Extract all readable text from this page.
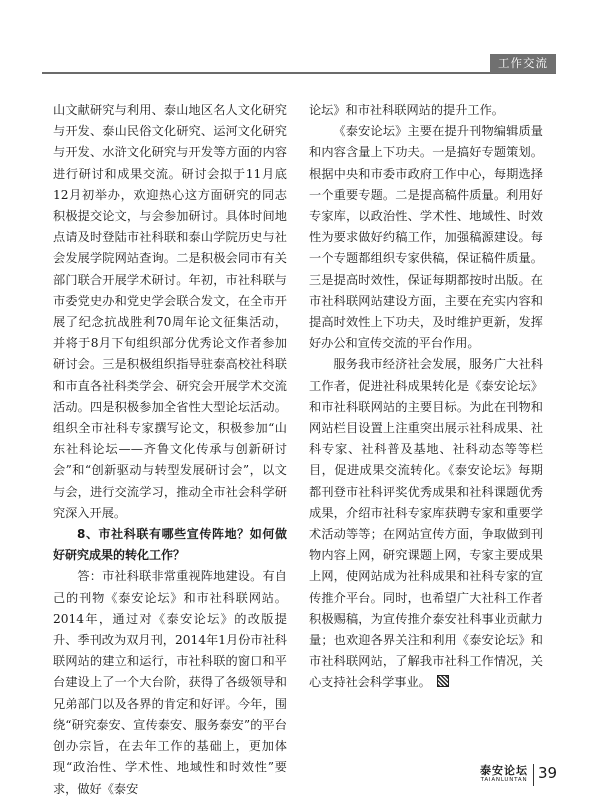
工作交流

山文献研究与利用、泰山地区名人文化研究与开发、泰山民俗文化研究、运河文化研究与开发、水浒文化研究与开发等方面的内容进行研讨和成果交流。研讨会拟于11月底12月初举办，欢迎热心这方面研究的同志积极提交论文，与会参加研讨。具体时间地点请及时登陆市社科联和泰山学院历史与社会发展学院网站查询。二是积极会同市有关部门联合开展学术研讨。年初，市社科联与市委党史办和党史学会联合发文，在全市开展了纪念抗战胜利70周年论文征集活动，并将于8月下旬组织部分优秀论文作者参加研讨会。三是积极组织指导驻泰高校社科联和市直各社科类学会、研究会开展学术交流活动。四是积极参加全省性大型论坛活动。组织全市社科专家撰写论文，积极参加“山东社科论坛——齐鲁文化传承与创新研讨会”和“创新驱动与转型发展研讨会”，以文与会，进行交流学习，推动全市社会科学研究深入开展。

8、市社科联有哪些宣传阵地？如何做好研究成果的转化工作？

答：市社科联非常重视阵地建设。有自己的刊物《泰安论坛》和市社科联网站。2014年，通过对《泰安论坛》的改版提升、季刊改为双月刊，2014年1月份市社科联网站的建立和运行，市社科联的窗口和平台建设上了一个大台阶，获得了各级领导和兄弟部门以及各界的肯定和好评。今年，围绕“研究泰安、宣传泰安、服务泰安”的平台创办宗旨，在去年工作的基础上，更加体现“政治性、学术性、地域性和时效性”要求，做好《泰安

论坛》和市社科联网站的提升工作。

《泰安论坛》主要在提升刊物编辑质量和内容含量上下功夫。一是搞好专题策划。根据中央和市委市政府工作中心，每期选择一个重要专题。二是提高稿件质量。利用好专家库，以政治性、学术性、地域性、时效性为要求做好约稿工作，加强稿源建设。每一个专题都组织专家供稿，保证稿件质量。三是提高时效性，保证每期都按时出版。在市社科联网站建设方面，主要在充实内容和提高时效性上下功夫，及时维护更新，发挥好办公和宣传交流的平台作用。

服务我市经济社会发展，服务广大社科工作者，促进社科成果转化是《泰安论坛》和市社科联网站的主要目标。为此在刊物和网站栏目设置上注重突出展示社科成果、社科专家、社科普及基地、社科动态等等栏目，促进成果交流转化。《泰安论坛》每期都刊登市社科评奖优秀成果和社科课题优秀成果，介绍市社科专家库获聘专家和重要学术活动等等；在网站宣传方面，争取做到刊物内容上网，研究课题上网，专家主要成果上网，使网站成为社科成果和社科专家的宣传推介平台。同时，也希望广大社科工作者积极赐稿，为宣传推介泰安社科事业贡献力量；也欢迎各界关注和利用《泰安论坛》和市社科联网站，了解我市社科工作情况，关心支持社会科学事业。

泰安论坛
TAIANLUNTAN 39
